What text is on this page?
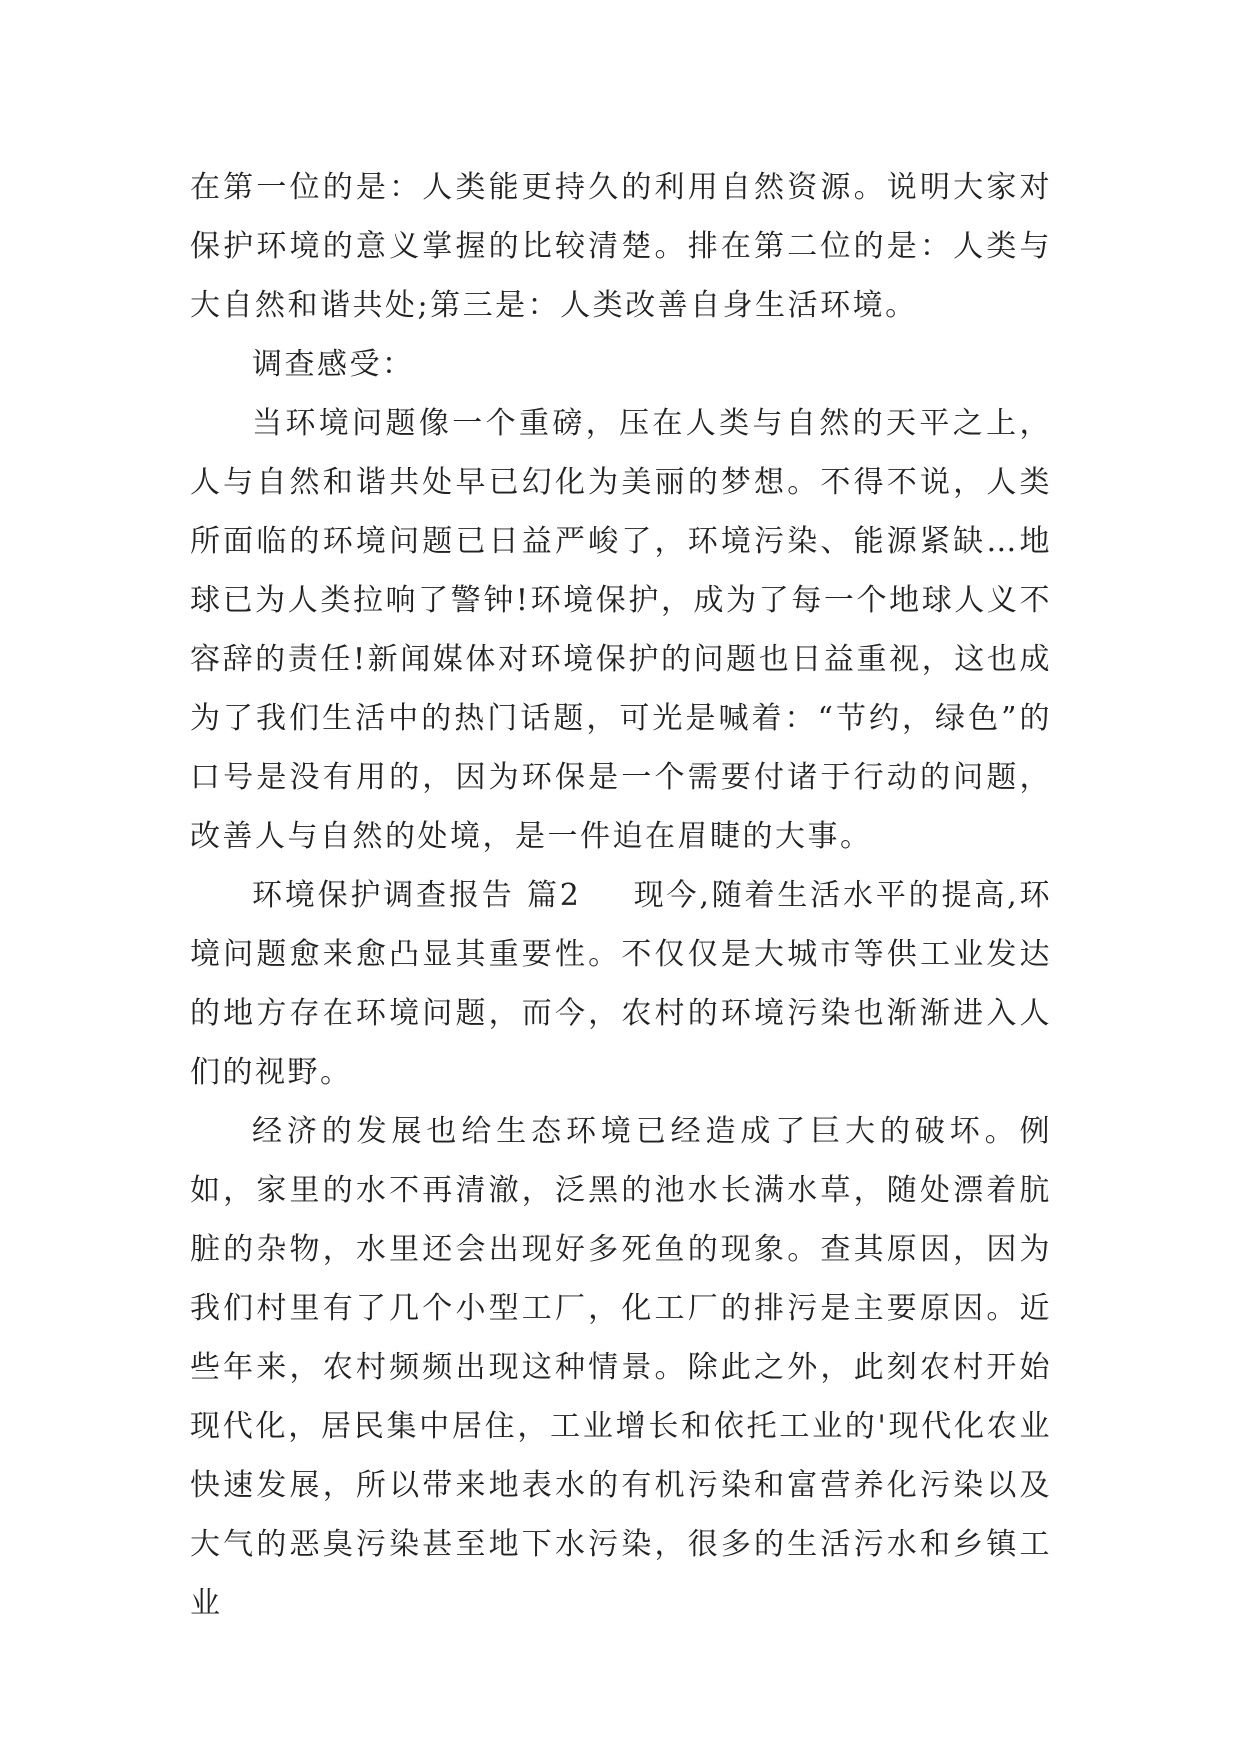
在第一位的是：人类能更持久的利用自然资源。说明大家对保护环境的意义掌握的比较清楚。排在第二位的是：人类与大自然和谐共处;第三是：人类改善自身生活环境。

调查感受：

当环境问题像一个重磅，压在人类与自然的天平之上，人与自然和谐共处早已幻化为美丽的梦想。不得不说，人类所面临的环境问题已日益严峻了，环境污染、能源紧缺…地球已为人类拉响了警钟!环境保护，成为了每一个地球人义不容辞的责任!新闻媒体对环境保护的问题也日益重视，这也成为了我们生活中的热门话题，可光是喊着：“节约，绿色”的口号是没有用的，因为环保是一个需要付诸于行动的问题，改善人与自然的处境，是一件迫在眉睫的大事。

环境保护调查报告 篇2 现今,随着生活水平的提高,环境问题愈来愈凸显其重要性。不仅仅是大城市等供工业发达的地方存在环境问题，而今，农村的环境污染也渐渐进入人们的视野。

经济的发展也给生态环境已经造成了巨大的破坏。例如，家里的水不再清澈，泛黑的池水长满水草，随处漂着肮脏的杂物，水里还会出现好多死鱼的现象。查其原因，因为我们村里有了几个小型工厂，化工厂的排污是主要原因。近些年来，农村频频出现这种情景。除此之外，此刻农村开始现代化，居民集中居住，工业增长和依托工业的'现代化农业快速发展，所以带来地表水的有机污染和富营养化污染以及大气的恶臭污染甚至地下水污染，很多的生活污水和乡镇工业
